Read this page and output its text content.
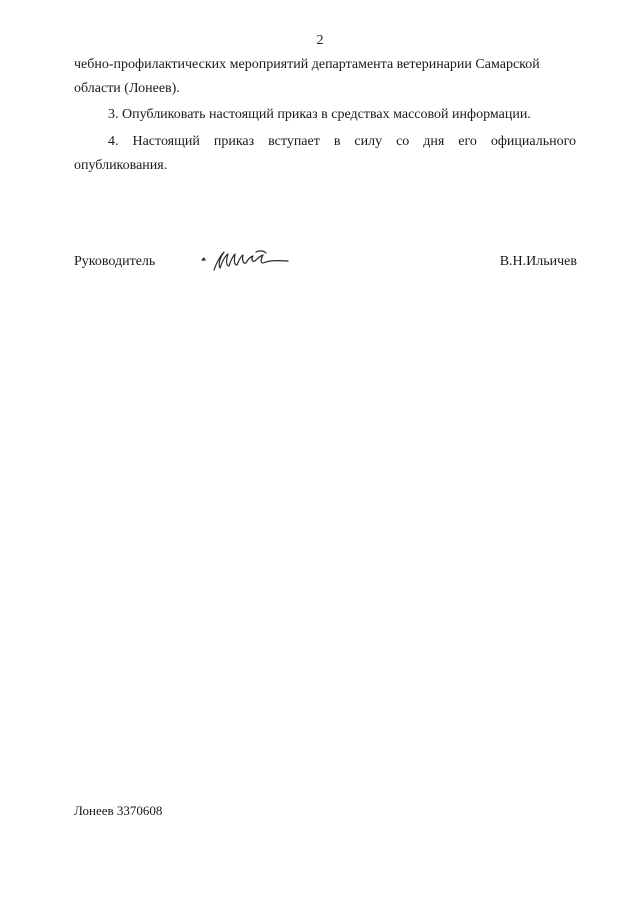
2
чебно-профилактических мероприятий департамента ветеринарии Самарской области (Лонеев).
3. Опубликовать настоящий приказ в средствах массовой информации.
4. Настоящий приказ вступает в силу со дня его официального опубликования.
Руководитель	В.Н.Ильичев
Лонеев 3370608
